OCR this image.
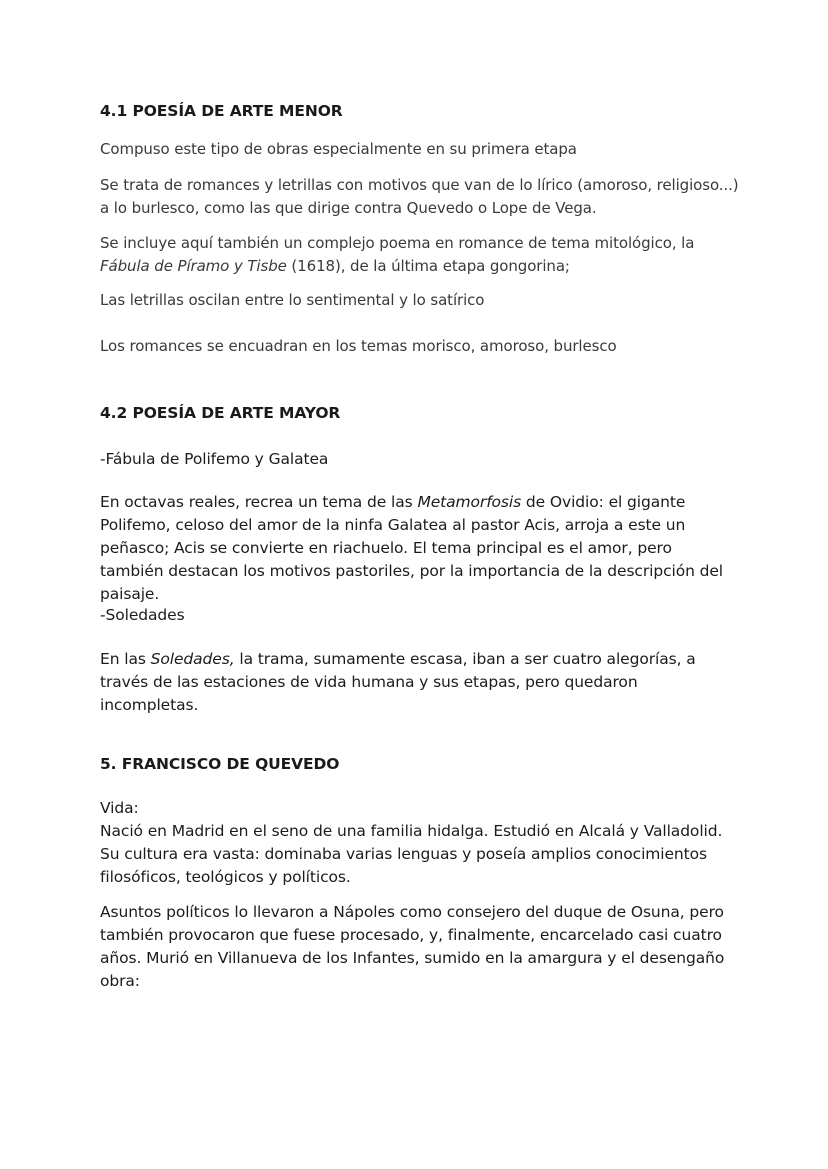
4.1 POESÍA DE ARTE MENOR

Compuso este tipo de obras especialmente en su primera etapa

Se trata de romances y letrillas con motivos que van de lo lírico (amoroso, religioso...) a lo burlesco, como las que dirige contra Quevedo o Lope de Vega.

Se incluye aquí también un complejo poema en romance de tema mitológico, la Fábula de Píramo y Tisbe (1618), de la última etapa gongorina;

Las letrillas oscilan entre lo sentimental y lo satírico

Los romances se encuadran en los temas morisco, amoroso, burlesco

4.2 POESÍA DE ARTE MAYOR

-Fábula de Polifemo y Galatea

En octavas reales, recrea un tema de las Metamorfosis de Ovidio: el gigante Polifemo, celoso del amor de la ninfa Galatea al pastor Acis, arroja a este un peñasco; Acis se convierte en riachuelo. El tema principal es el amor, pero también destacan los motivos pastoriles, por la importancia de la descripción del paisaje.

-Soledades

En las Soledades, la trama, sumamente escasa, iban a ser cuatro alegorías, a través de las estaciones de vida humana y sus etapas, pero quedaron incompletas.

5. FRANCISCO DE QUEVEDO

Vida:

Nació en Madrid en el seno de una familia hidalga. Estudió en Alcalá y Valladolid. Su cultura era vasta: dominaba varias lenguas y poseía amplios conocimientos filosóficos, teológicos y políticos.

Asuntos políticos lo llevaron a Nápoles como consejero del duque de Osuna, pero también provocaron que fuese procesado, y, finalmente, encarcelado casi cuatro años. Murió en Villanueva de los Infantes, sumido en la amargura y el desengaño

obra:
